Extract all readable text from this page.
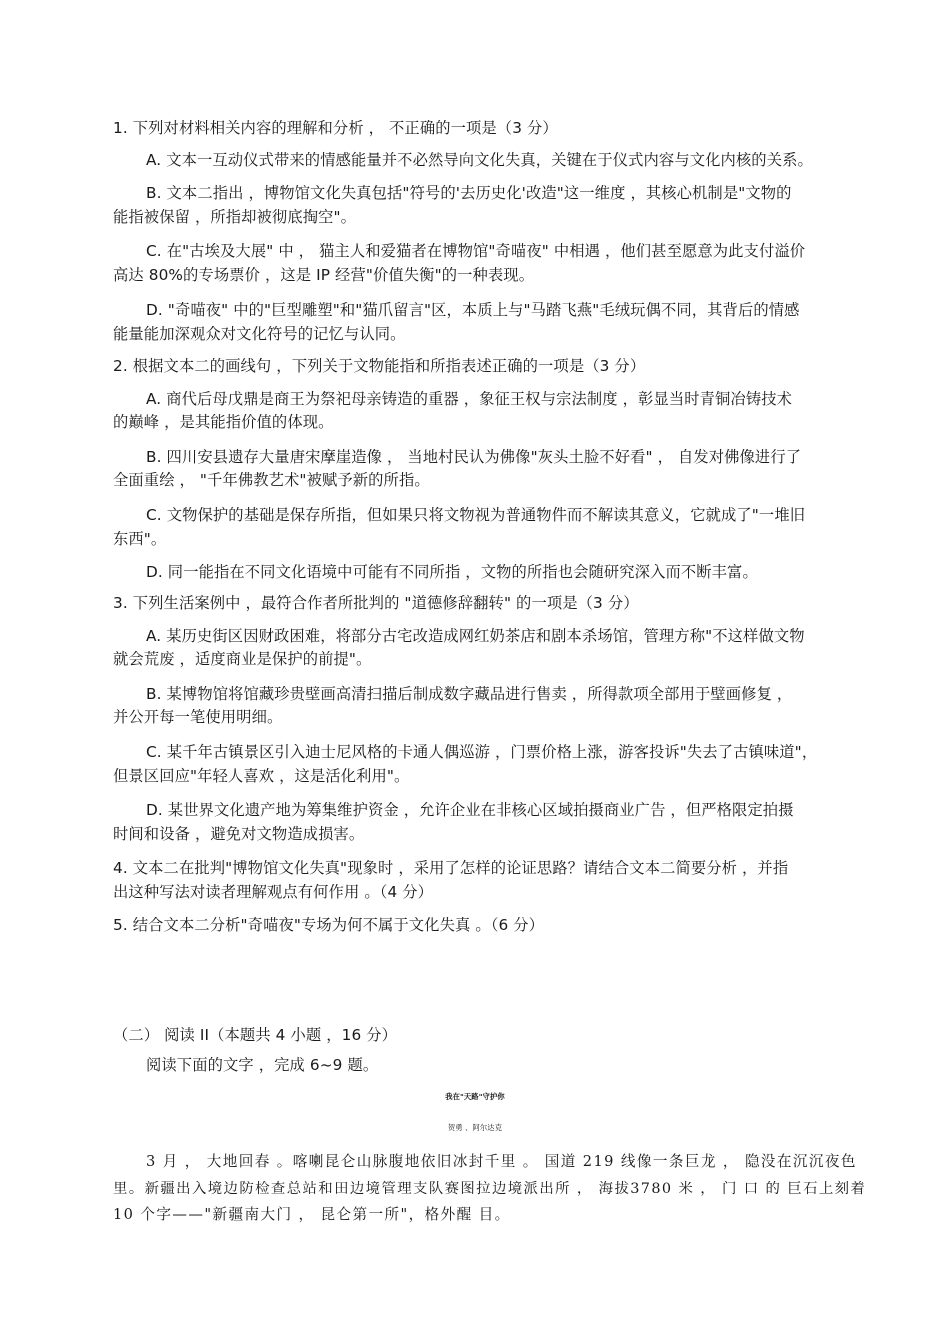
1. 下列对材料相关内容的理解和分析 ， 不正确的一项是（3 分）
A. 文本一互动仪式带来的情感能量并不必然导向文化失真，关键在于仪式内容与文化内核的关系。
B. 文本二指出 ，博物馆文化失真包括"符号的'去历史化'改造"这一维度 ，其核心机制是"文物的
能指被保留 ，所指却被彻底掏空"。
C. 在"古埃及大展" 中 ， 猫主人和爱猫者在博物馆"奇喵夜" 中相遇 ，他们甚至愿意为此支付溢价
高达 80%的专场票价 ，这是 IP 经营"价值失衡"的一种表现。
D. "奇喵夜" 中的"巨型雕塑"和"猫爪留言"区，本质上与"马踏飞燕"毛绒玩偶不同，其背后的情感
能量能加深观众对文化符号的记忆与认同。
2. 根据文本二的画线句 ，下列关于文物能指和所指表述正确的一项是（3 分）
A. 商代后母戊鼎是商王为祭祀母亲铸造的重器 ，象征王权与宗法制度 ，彰显当时青铜冶铸技术
的巅峰 ，是其能指价值的体现。
B. 四川安县遗存大量唐宋摩崖造像 ， 当地村民认为佛像"灰头土脸不好看" ， 自发对佛像进行了
全面重绘 ， "千年佛教艺术"被赋予新的所指。
C. 文物保护的基础是保存所指，但如果只将文物视为普通物件而不解读其意义，它就成了"一堆旧
东西"。
D. 同一能指在不同文化语境中可能有不同所指 ，文物的所指也会随研究深入而不断丰富。
3. 下列生活案例中 ，最符合作者所批判的 "道德修辞翻转" 的一项是（3 分）
A. 某历史街区因财政困难，将部分古宅改造成网红奶茶店和剧本杀场馆，管理方称"不这样做文物
就会荒废 ，适度商业是保护的前提"。
B. 某博物馆将馆藏珍贵壁画高清扫描后制成数字藏品进行售卖 ，所得款项全部用于壁画修复 ，
并公开每一笔使用明细。
C. 某千年古镇景区引入迪士尼风格的卡通人偶巡游 ，门票价格上涨，游客投诉"失去了古镇味道"，
但景区回应"年轻人喜欢 ，这是活化利用"。
D. 某世界文化遗产地为筹集维护资金 ，允许企业在非核心区域拍摄商业广告 ，但严格限定拍摄
时间和设备 ，避免对文物造成损害。
4. 文本二在批判"博物馆文化失真"现象时 ，采用了怎样的论证思路？请结合文本二简要分析 ，并指
出这种写法对读者理解观点有何作用 。（4 分）
5. 结合文本二分析"奇喵夜"专场为何不属于文化失真 。（6 分）
（二） 阅读 II（本题共 4 小题 ，16 分）
阅读下面的文字 ，完成 6~9 题。
我在"天路"守护你
贺勇 、阿尔达克
3 月 ， 大地回春 。喀喇昆仑山脉腹地依旧冰封千里 。 国道 219 线像一条巨龙 ， 隐没在沉沉夜色
里。新疆出入境边防检查总站和田边境管理支队赛图拉边境派出所 ， 海拔3780 米 ， 门 口 的 巨石上刻着
10 个字——"新疆南大门 ， 昆仑第一所"，格外醒 目。
